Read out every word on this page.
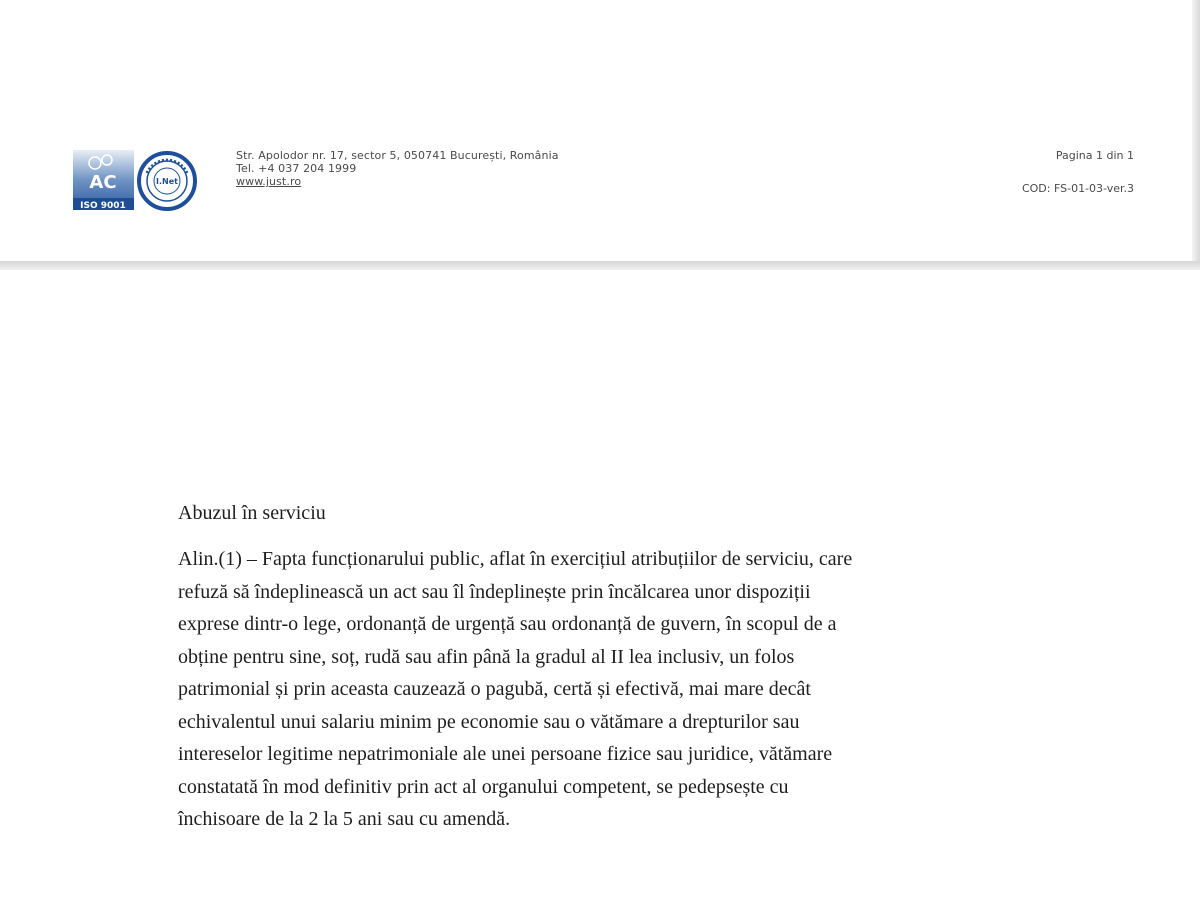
AC
ISO 9001
I.Net
Str. Apolodor nr. 17, sector 5, 050741 București, România
Tel. +4 037 204 1999
www.just.ro
Pagina 1 din 1
COD: FS-01-03-ver.3
Abuzul în serviciu

Alin.(1) – Fapta funcționarului public, aflat în exercițiul atribuțiilor de serviciu, care
refuză să îndeplinească un act sau îl îndeplinește prin încălcarea unor dispoziții
exprese dintr-o lege, ordonanță de urgență sau ordonanță de guvern, în scopul de a
obține pentru sine, soț, rudă sau afin până la gradul al II lea inclusiv, un folos
patrimonial și prin aceasta cauzează o pagubă, certă și efectivă, mai mare decât
echivalentul unui salariu minim pe economie sau o vătămare a drepturilor sau
intereselor legitime nepatrimoniale ale unei persoane fizice sau juridice, vătămare
constatată în mod definitiv prin act al organului competent, se pedepsește cu
închisoare de la 2 la 5 ani sau cu amendă.
